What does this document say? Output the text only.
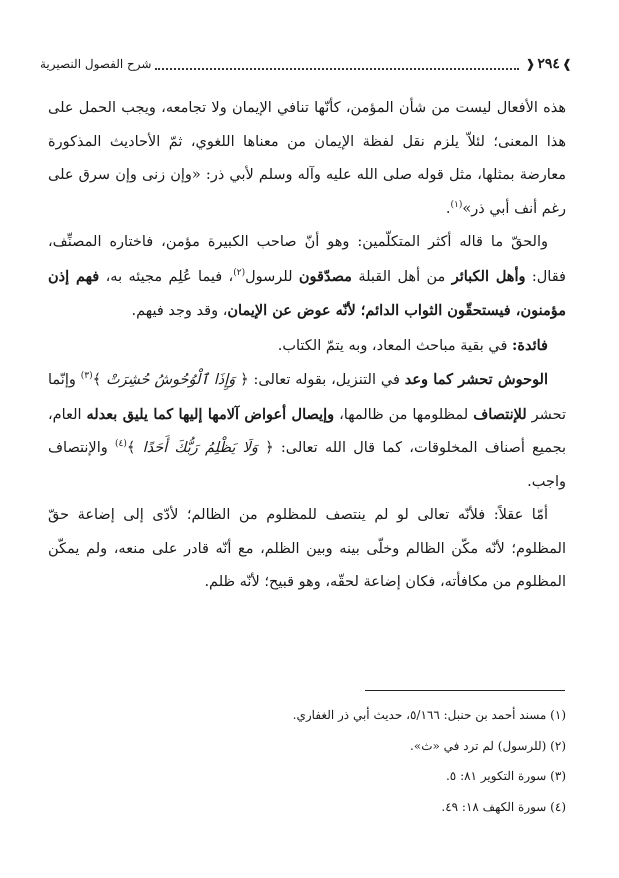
❱
٢٩٤
❰
شرح الفصول النصيرية

هذه الأفعال ليست من شأن المؤمن، كأنّها تنافي الإيمان ولا تجامعه، ويجب الحمل على هذا المعنى؛ لئلاّ يلزم نقل لفظة الإيمان من معناها اللغوي، ثمّ الأحاديث المذكورة معارضة بمثلها، مثل قوله صلى الله عليه وآله وسلم لأبي ذر: «وإن زنى وإن سرق على رغم أنف أبي ذر»$^{(١)}$.

والحقّ ما قاله أكثر المتكلّمين: وهو أنّ صاحب الكبيرة مؤمن، فاختاره المصنِّف، فقال: وأهل الكبائر من أهل القبلة مصدّقون للرسول$^{(٢)}$، فيما عُلِم مجيئه به، فهم إذن مؤمنون، فيستحقّون الثواب الدائم؛ لأنّه عوض عن الإيمان، وقد وجد فيهم.

فائدة: في بقية مباحث المعاد، وبه يتمّ الكتاب.

الوحوش تحشر كما وعد في التنزيل، بقوله تعالى: ﴿ وَإِذَا ٱلْوُحُوشُ حُشِرَتْ ﴾$^{(٣)}$ وإنّما تحشر للإنتصاف لمظلومها من ظالمها، وإيصال أعواض آلامها إليها كما يليق بعدله العام، بجميع أصناف المخلوقات، كما قال الله تعالى: ﴿ وَلَا يَظْلِمُ رَبُّكَ أَحَدًا ﴾$^{(٤)}$ والإنتصاف واجب.

أمّا عقلاً: فلأنّه تعالى لو لم ينتصف للمظلوم من الظالم؛ لأدّى إلى إضاعة حقّ المظلوم؛ لأنّه مكّن الظالم وخلّى بينه وبين الظلم، مع أنّه قادر على منعه، ولم يمكّن المظلوم من مكافأته، فكان إضاعة لحقّه، وهو قبيح؛ لأنّه ظلم.

(١) مسند أحمد بن حنبل: ٥/١٦٦، حديث أبي ذر الغفاري.
(٢) (للرسول) لم ترد في «ث».
(٣) سورة التكوير ٨١: ٥.
(٤) سورة الكهف ١٨: ٤٩.
